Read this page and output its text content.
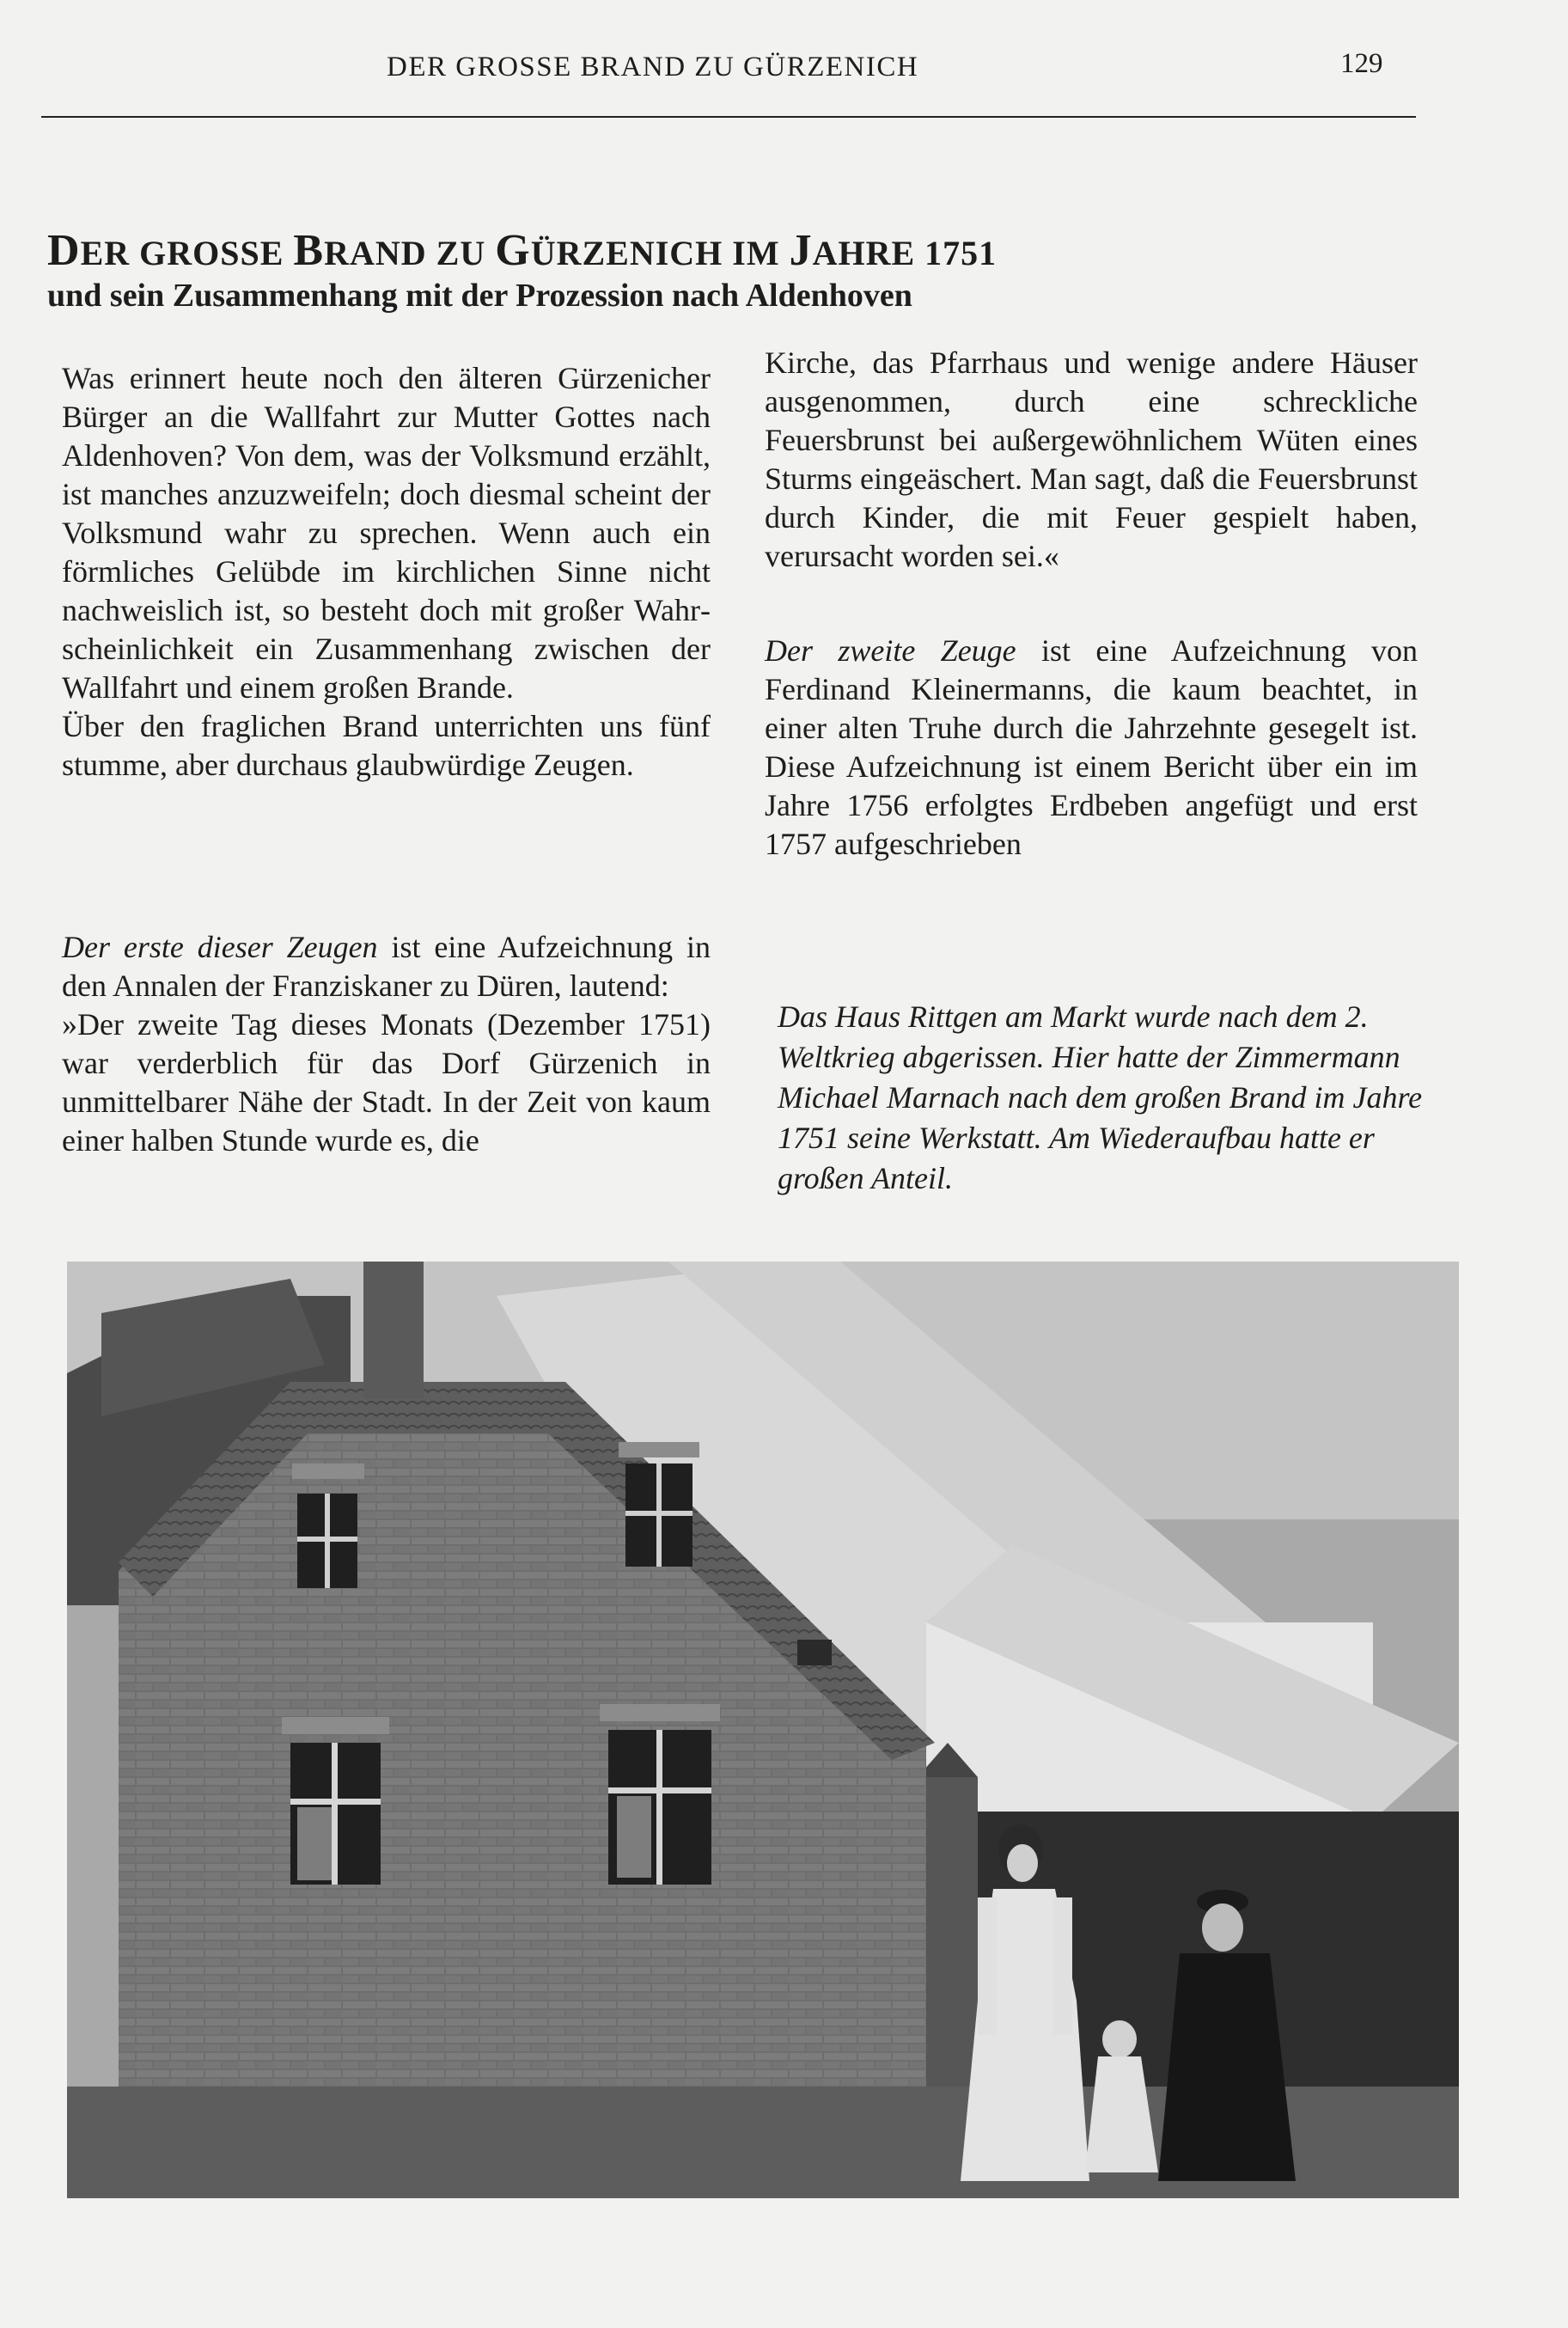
DER GROSSE BRAND ZU GÜRZENICH	129
DER GROSSE BRAND ZU GÜRZENICH IM JAHRE 1751
und sein Zusammenhang mit der Prozession nach Aldenhoven

Was erinnert heute noch den älteren Gürzenicher Bürger an die Wallfahrt zur Mutter Gottes nach Aldenhoven? Von dem, was der Volksmund erzählt, ist manches anzuzweifeln; doch diesmal scheint der Volksmund wahr zu sprechen. Wenn auch ein förmliches Gelübde im kirchlichen Sinne nicht nachweislich ist, so besteht doch mit großer Wahrscheinlichkeit ein Zusammenhang zwischen der Wallfahrt und einem großen Brande.

Über den fraglichen Brand unterrichten uns fünf stumme, aber durchaus glaubwürdige Zeugen.

Der erste dieser Zeugen ist eine Aufzeichnung in den Annalen der Franziskaner zu Düren, lautend:

»Der zweite Tag dieses Monats (Dezember 1751) war verderblich für das Dorf Gürzenich in unmittelbarer Nähe der Stadt. In der Zeit von kaum einer halben Stunde wurde es, die

Kirche, das Pfarrhaus und wenige andere Häuser ausgenommen, durch eine schreckliche Feuersbrunst bei außergewöhnlichem Wüten eines Sturms eingeäschert. Man sagt, daß die Feuersbrunst durch Kinder, die mit Feuer gespielt haben, verursacht worden sei.«

Der zweite Zeuge ist eine Aufzeichnung von Ferdinand Kleinermanns, die kaum beachtet, in einer alten Truhe durch die Jahrzehnte gesegelt ist. Diese Aufzeichnung ist einem Bericht über ein im Jahre 1756 erfolgtes Erdbeben angefügt und erst 1757 aufgeschrieben

Das Haus Rittgen am Markt wurde nach dem 2. Weltkrieg abgerissen. Hier hatte der Zimmermann Michael Marnach nach dem großen Brand im Jahre 1751 seine Werkstatt. Am Wiederaufbau hatte er großen Anteil.
